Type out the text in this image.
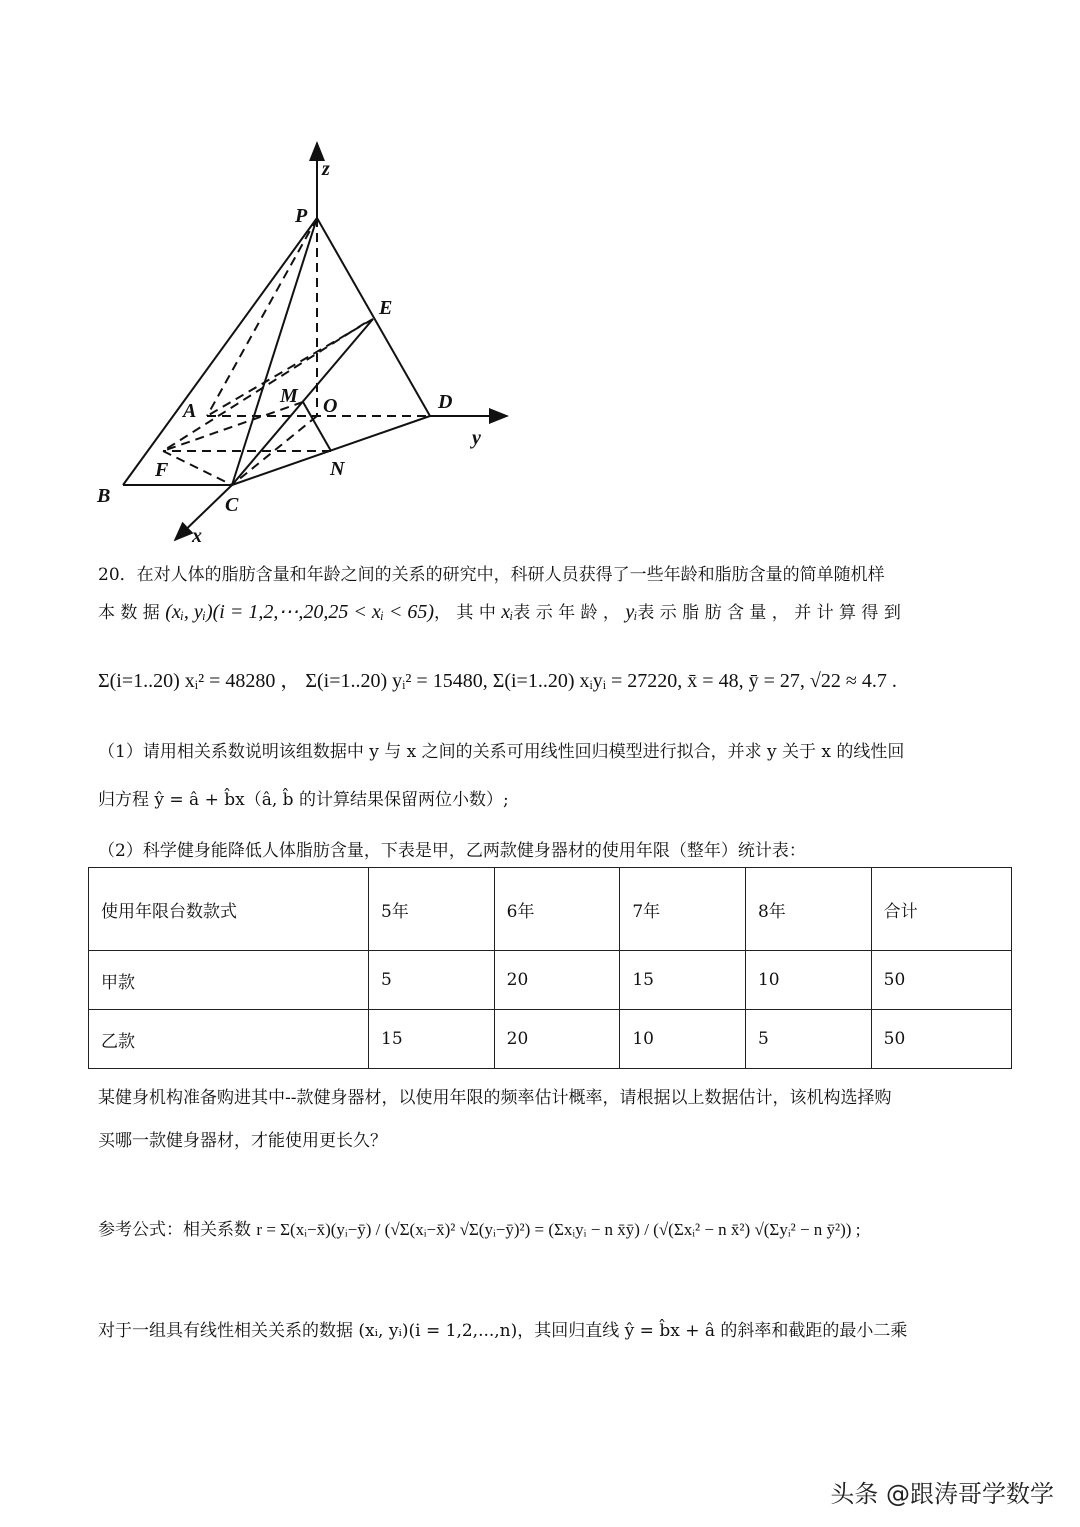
z
P
E
M O
A	D
y
F	N
B	C
x
20．在对人体的脂肪含量和年龄之间的关系的研究中，科研人员获得了一些年龄和脂肪含量的简单随机样
本 数 据 (xᵢ, yᵢ)(i = 1,2,⋯,20,25 < xᵢ < 65)， 其 中 xᵢ表 示 年 龄 ， yᵢ表 示 脂 肪 含 量 ， 并 计 算 得 到
Σ(i=1..20) xᵢ² = 48280 ， Σ(i=1..20) yᵢ² = 15480, Σ(i=1..20) xᵢyᵢ = 27220, x̄ = 48, ȳ = 27, √22 ≈ 4.7 .
（1）请用相关系数说明该组数据中 y 与 x 之间的关系可用线性回归模型进行拟合，并求 y 关于 x 的线性回
归方程 ŷ = â + b̂x（â, b̂ 的计算结果保留两位小数）;
（2）科学健身能降低人体脂肪含量，下表是甲，乙两款健身器材的使用年限（整年）统计表：
使用年限台数款式	5年	6年	7年	8年	合计
甲款	5	20	15	10	50
乙款	15	20	10	5	50
某健身机构准备购进其中--款健身器材，以使用年限的频率估计概率，请根据以上数据估计，该机构选择购
买哪一款健身器材，才能使用更长久？
参考公式：相关系数 r = Σ(xᵢ−x̄)(yᵢ−ȳ) / (√Σ(xᵢ−x̄)² √Σ(yᵢ−ȳ)²) = (Σxᵢyᵢ − n x̄ȳ) / (√(Σxᵢ² − n x̄²) √(Σyᵢ² − n ȳ²)) ;
对于一组具有线性相关关系的数据 (xᵢ, yᵢ)(i = 1,2,...,n)，其回归直线 ŷ = b̂x + â 的斜率和截距的最小二乘
头条 @跟涛哥学数学
